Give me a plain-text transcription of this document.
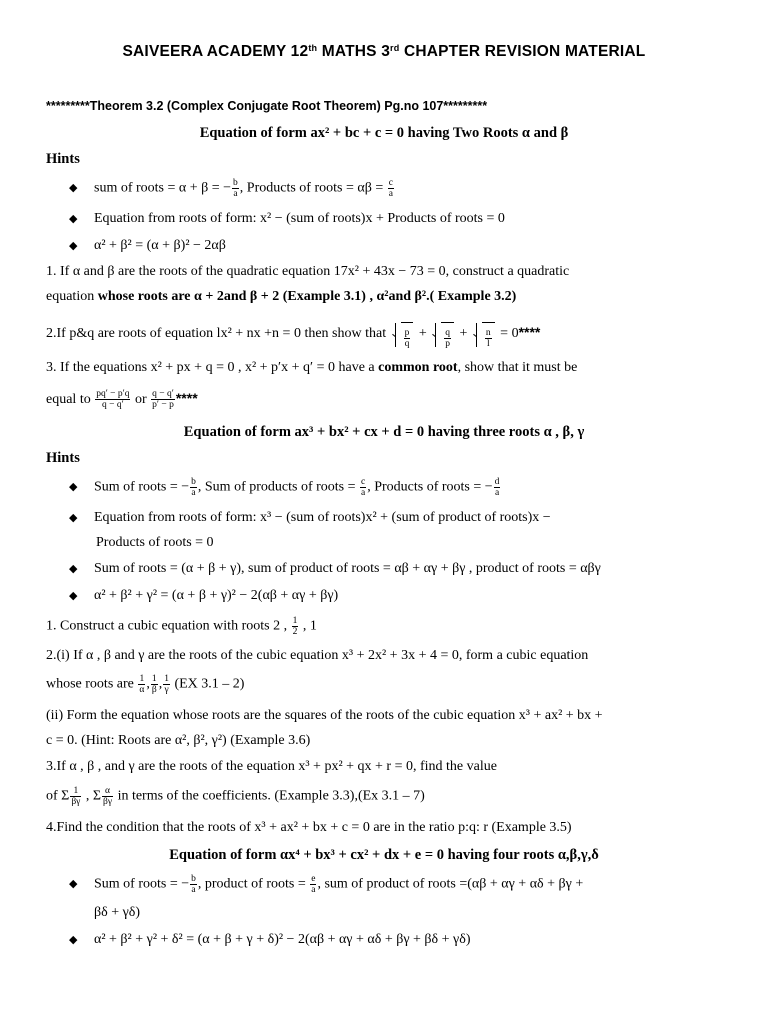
SAIVEERA ACADEMY 12th MATHS 3rd CHAPTER REVISION MATERIAL
*********Theorem 3.2 (Complex Conjugate Root Theorem) Pg.no 107*********
Equation of form ax² + bc + c = 0 having Two Roots α and β
Hints
sum of roots = α + β = − $\frac{b}{a}$ , Products of roots = $\alpha\beta = \frac{c}{a}$
Equation from roots of form: x² − (sum of roots)x + Products of roots = 0
α² + β² = (α + β)² − 2αβ
1. If α and β are the roots of the quadratic equation 17x² + 43x − 73 = 0, construct a quadratic
equation whose roots are α + 2and β + 2 (Example 3.1) , α²and β².( Example 3.2)
2.If p&q are roots of equation lx² + nx +n = 0 then show that $\frac{p}{q} + \frac{q}{p} + \frac{n}{l} = 0****$
3. If the equations x² + px + q = 0 , x² + p′x + q′ = 0 have a common root, show that it must be
equal to $\frac{pq' - p'q}{q - q'}$ or $\frac{q - q'}{p' - p}$ ****
Equation of form ax³ + bx² + cx + d = 0 having three roots α , β, γ
Hints
Sum of roots = − $\frac{b}{a}$ , Sum of products of roots = $\frac{c}{a}$ , Products of roots = − $\frac{d}{a}$
Equation from roots of form: x³ − (sum of roots)x² + (sum of product of roots)x −
Products of roots = 0
Sum of roots = (α + β + γ), sum of product of roots = αβ + αγ + βγ , product of roots = αβγ
α² + β² + γ² = (α + β + γ)² − 2(αβ + αγ + βγ)
1. Construct a cubic equation with roots 2 , $\frac{1}{2}$ , 1
2.(i) If α , β and γ are the roots of the cubic equation x³ + 2x² + 3x + 4 = 0, form a cubic equation
whose roots are $\frac{1}{\alpha}$ , $\frac{1}{\beta}$ , $\frac{1}{\gamma} (EX$ 3.1 – 2)
(ii) Form the equation whose roots are the squares of the roots of the cubic equation x³ + ax² + bx +
c = 0. (Hint: Roots are α², β², γ²) (Example 3.6)
3.If α , β , and γ are the roots of the equation x³ + px² + qx + r = 0, find the value
of Σ $\frac{1}{\beta\gamma}$ , Σ $\frac{\alpha}{\beta\gamma}$ in terms of the coefficients. (Example 3.3),(Ex 3.1 – 7)
4.Find the condition that the roots of x³ + ax² + bx + c = 0 are in the ratio p:q: r (Example 3.5)
Equation of form αx⁴ + bx³ + cx² + dx + e = 0 having four roots α,β,γ,δ
Sum of roots = − $\frac{b}{a}$ , product of roots = $\frac{e}{a}$ , sum of product of roots =(αβ + αγ + αδ + βγ +
βδ + γδ)
α² + β² + γ² + δ² = (α + β + γ + δ)² − 2(αβ + αγ + αδ + βγ + βδ + γδ)
